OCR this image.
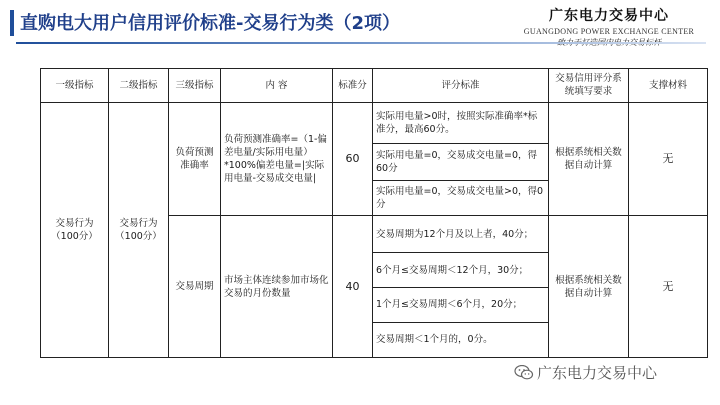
直购电大用户信用评价标准-交易行为类（2项）	广东电力交易中心
GUANGDONG POWER EXCHANGE CENTER
一级指标	二级指标	三级指标	内 容	标准分	评分标准	交易信用评分系统填写要求	支撑材料
交易行为（100分）	交易行为（100分）	负荷预测准确率	负荷预测准确率=（1-偏差电量/实际用电量）*100%偏差电量=|实际用电量-交易成交电量|	60	实际用电量>0时，按照实际准确率*标准分，最高60分。	根据系统相关数据自动计算	无
					实际用电量=0，交易成交电量=0，得60分		
					实际用电量=0，交易成交电量>0，得0分		
		交易周期	市场主体连续参加市场化交易的月份数量	40	交易周期为12个月及以上者，40分；	根据系统相关数据自动计算	无
					6个月≤交易周期＜12个月，30分；		
					1个月≤交易周期＜6个月，20分；		
					交易周期＜1个月的，0分。		
广东电力交易中心
